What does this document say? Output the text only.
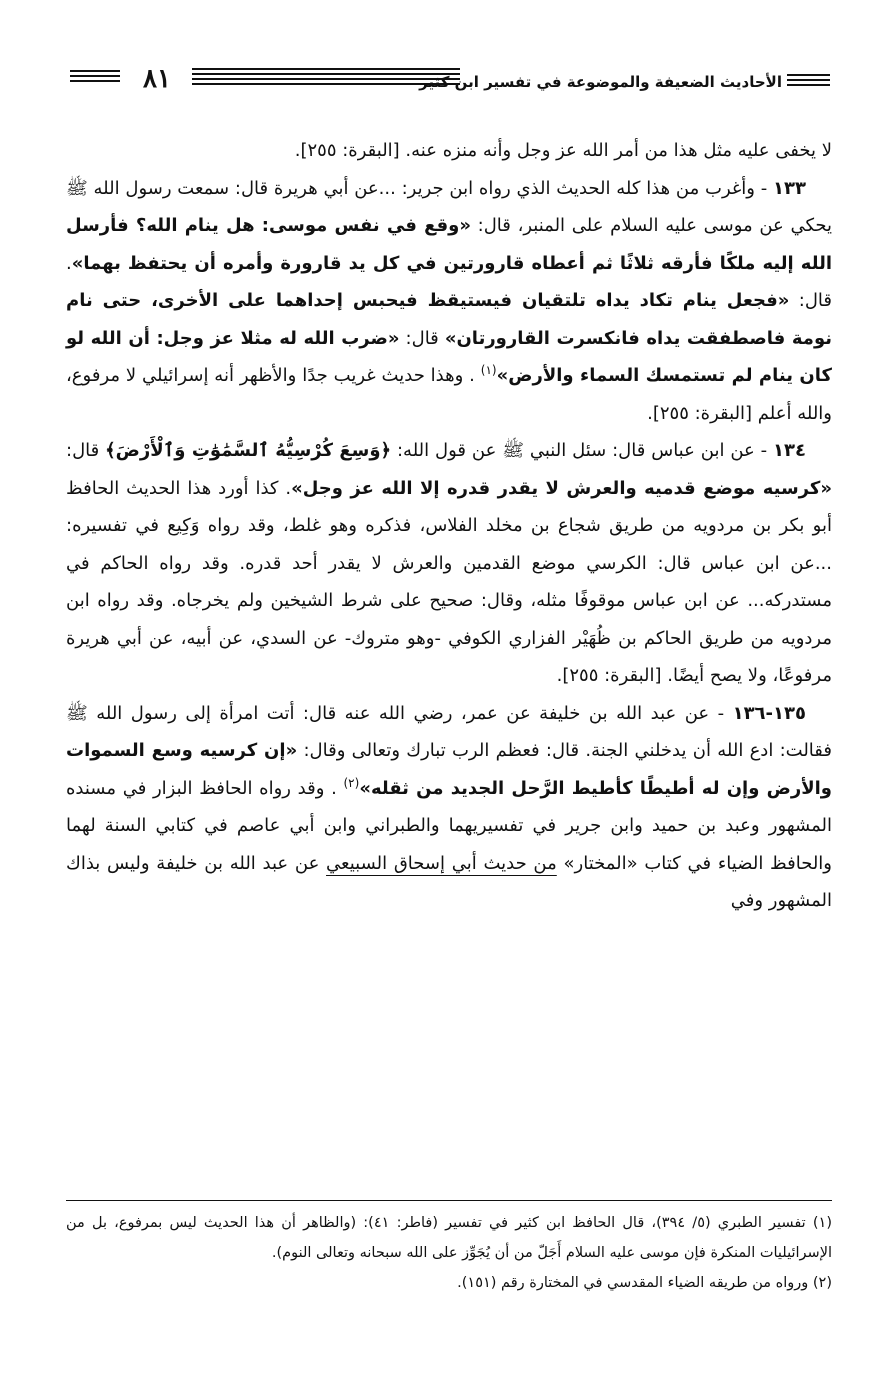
٨١	الأحاديث الضعيفة والموضوعة في تفسير ابن كثير

لا يخفى عليه مثل هذا من أمر الله عز وجل وأنه منزه عنه. [البقرة: ٢٥٥].

١٣٣ - وأغرب من هذا كله الحديث الذي رواه ابن جرير: ...عن أبي هريرة قال: سمعت رسول الله ﷺ يحكي عن موسى عليه السلام على المنبر، قال: «وقع في نفس موسى: هل ينام الله؟ فأرسل الله إليه ملكًا فأرقه ثلاثًا ثم أعطاه قارورتين في كل يد قارورة وأمره أن يحتفظ بهما». قال: «فجعل ينام تكاد يداه تلتقيان فيستيقظ فيحبس إحداهما على الأخرى، حتى نام نومة فاصطفقت يداه فانكسرت القارورتان» قال: «ضرب الله له مثلا عز وجل: أن الله لو كان ينام لم تستمسك السماء والأرض»$^{(١)}$ . وهذا حديث غريب جدًا والأظهر أنه إسرائيلي لا مرفوع، والله أعلم [البقرة: ٢٥٥].

١٣٤ - عن ابن عباس قال: سئل النبي ﷺ عن قول الله: ﴿وَسِعَ كُرْسِيُّهُ ٱلسَّمَٰوَٰتِ وَٱلْأَرْضَ﴾ قال: «كرسيه موضع قدميه والعرش لا يقدر قدره إلا الله عز وجل». كذا أورد هذا الحديث الحافظ أبو بكر بن مردويه من طريق شجاع بن مخلد الفلاس، فذكره وهو غلط، وقد رواه وَكِيع في تفسيره: ...عن ابن عباس قال: الكرسي موضع القدمين والعرش لا يقدر أحد قدره. وقد رواه الحاكم في مستدركه... عن ابن عباس موقوفًا مثله، وقال: صحيح على شرط الشيخين ولم يخرجاه. وقد رواه ابن مردويه من طريق الحاكم بن ظُهَيْر الفزاري الكوفي -وهو متروك- عن السدي، عن أبيه، عن أبي هريرة مرفوعًا، ولا يصح أيضًا. [البقرة: ٢٥٥].

١٣٥-١٣٦ - عن عبد الله بن خليفة عن عمر، رضي الله عنه قال: أتت امرأة إلى رسول الله ﷺ فقالت: ادع الله أن يدخلني الجنة. قال: فعظم الرب تبارك وتعالى وقال: «إن كرسيه وسع السموات والأرض وإن له أطيطًا كأطيط الرَّحل الجديد من ثقله»$^{(٢)}$ . وقد رواه الحافظ البزار في مسنده المشهور وعبد بن حميد وابن جرير في تفسيريهما والطبراني وابن أبي عاصم في كتابي السنة لهما والحافظ الضياء في كتاب «المختار» من حديث أبي إسحاق السبيعي عن عبد الله بن خليفة وليس بذاك المشهور وفي

(١) تفسير الطبري (٥/ ٣٩٤)، قال الحافظ ابن كثير في تفسير (فاطر: ٤١): (والظاهر أن هذا الحديث ليس بمرفوع، بل من الإسرائيليات المنكرة فإن موسى عليه السلام أَجَلّ من أن يُجَوِّز على الله سبحانه وتعالى النوم).

(٢) ورواه من طريقه الضياء المقدسي في المختارة رقم (١٥١).
